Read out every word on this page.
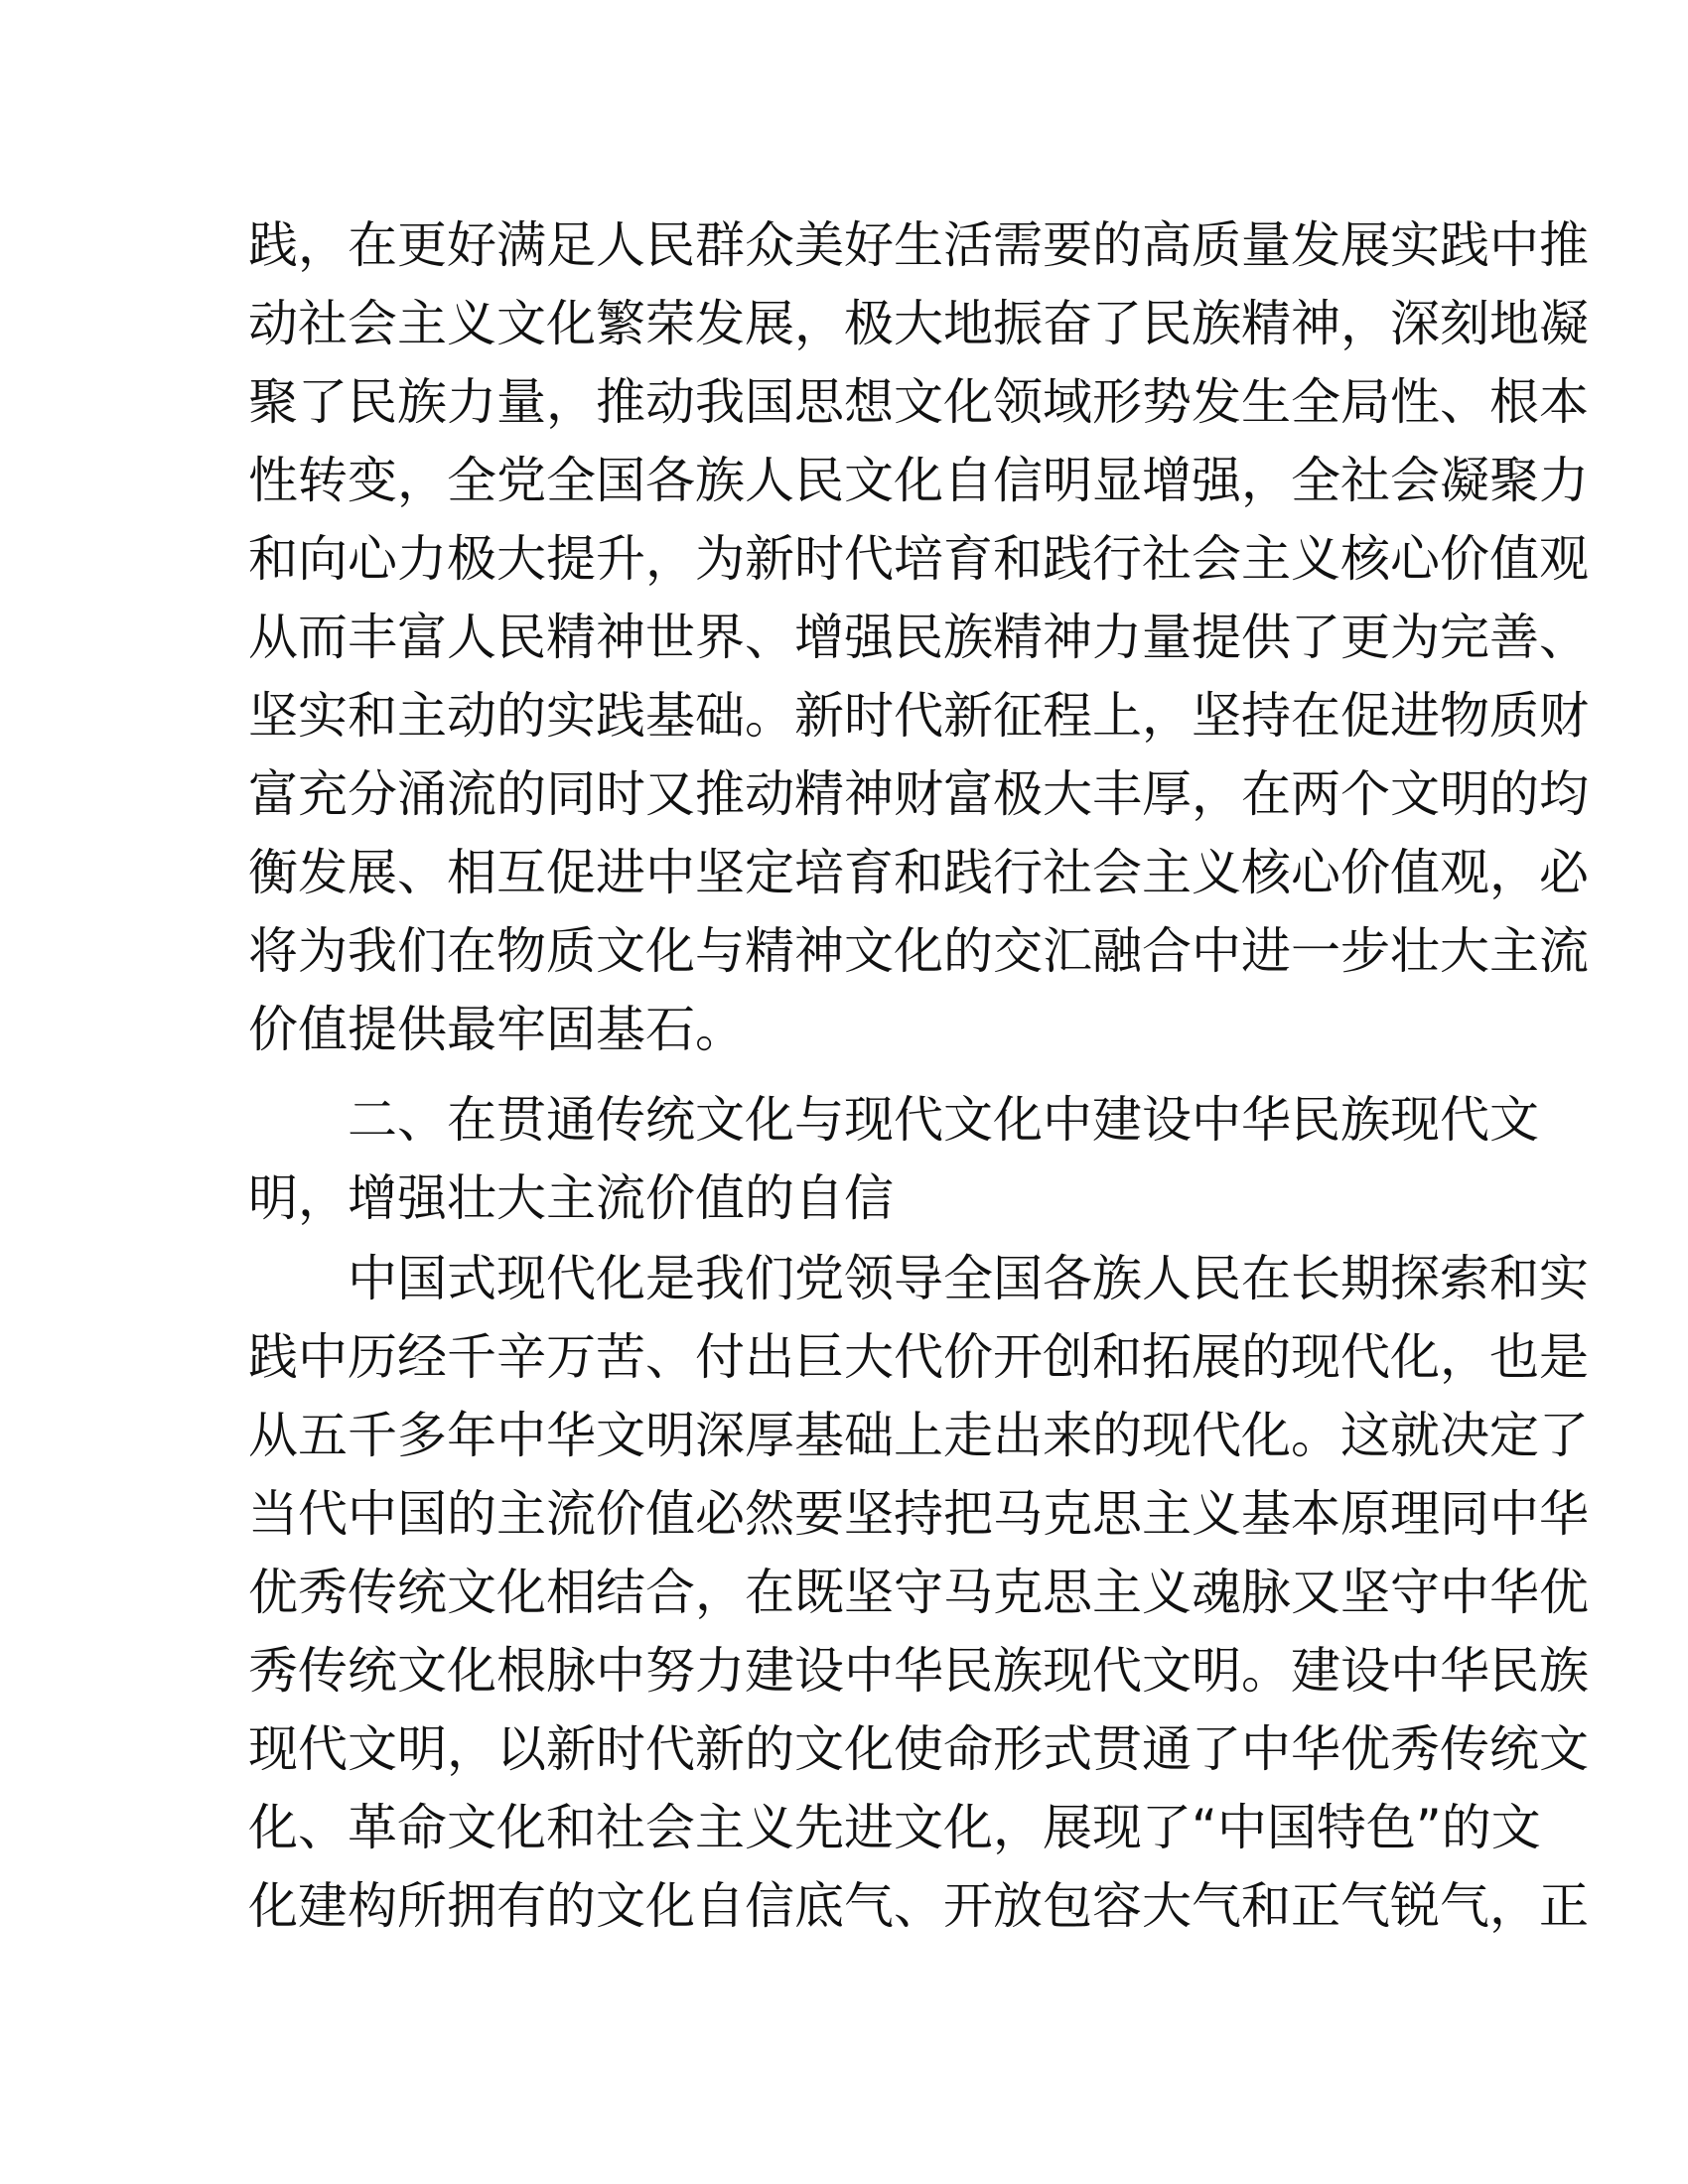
践，在更好满足人民群众美好生活需要的高质量发展实践中推
动社会主义文化繁荣发展，极大地振奋了民族精神，深刻地凝
聚了民族力量，推动我国思想文化领域形势发生全局性、根本
性转变，全党全国各族人民文化自信明显增强，全社会凝聚力
和向心力极大提升，为新时代培育和践行社会主义核心价值观
从而丰富人民精神世界、增强民族精神力量提供了更为完善、
坚实和主动的实践基础。新时代新征程上，坚持在促进物质财
富充分涌流的同时又推动精神财富极大丰厚，在两个文明的均
衡发展、相互促进中坚定培育和践行社会主义核心价值观，必
将为我们在物质文化与精神文化的交汇融合中进一步壮大主流
价值提供最牢固基石。
二、在贯通传统文化与现代文化中建设中华民族现代文
明，增强壮大主流价值的自信
中国式现代化是我们党领导全国各族人民在长期探索和实
践中历经千辛万苦、付出巨大代价开创和拓展的现代化，也是
从五千多年中华文明深厚基础上走出来的现代化。这就决定了
当代中国的主流价值必然要坚持把马克思主义基本原理同中华
优秀传统文化相结合，在既坚守马克思主义魂脉又坚守中华优
秀传统文化根脉中努力建设中华民族现代文明。建设中华民族
现代文明，以新时代新的文化使命形式贯通了中华优秀传统文
化、革命文化和社会主义先进文化，展现了“中国特色”的文
化建构所拥有的文化自信底气、开放包容大气和正气锐气，正
